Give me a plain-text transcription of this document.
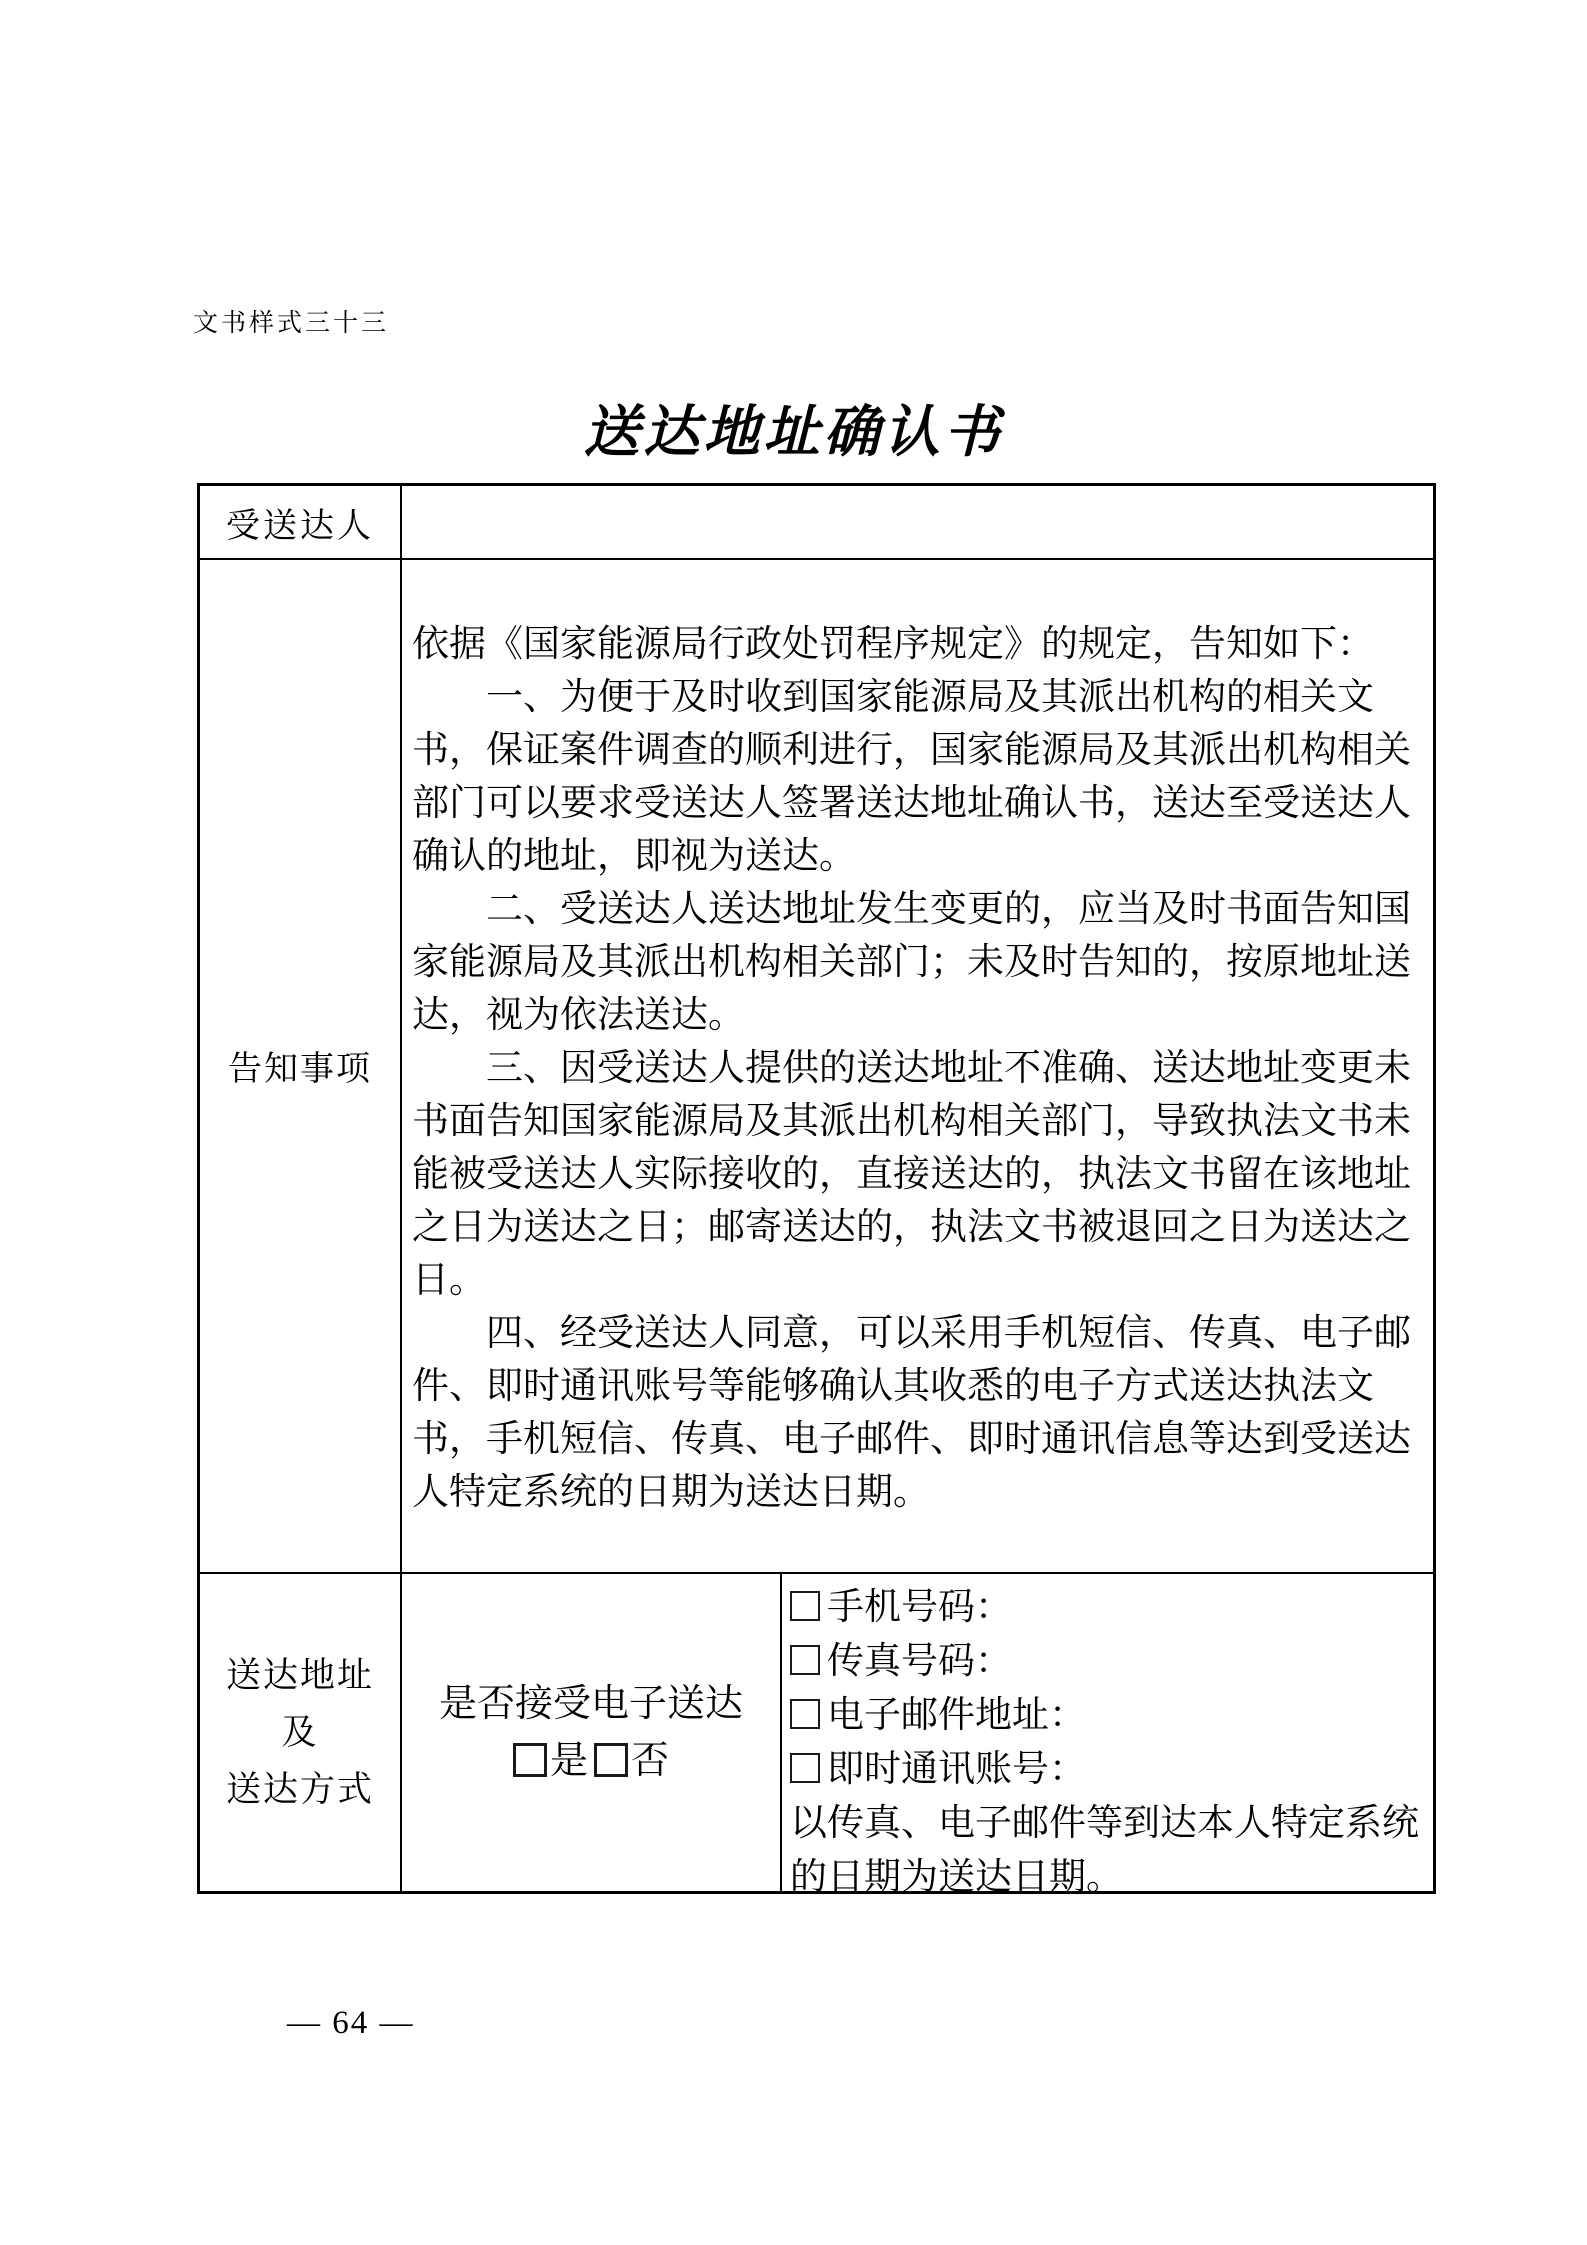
文书样式三十三
送达地址确认书
受送达人
告知事项
依据《国家能源局行政处罚程序规定》的规定，告知如下：
　　一、为便于及时收到国家能源局及其派出机构的相关文
书，保证案件调查的顺利进行，国家能源局及其派出机构相关
部门可以要求受送达人签署送达地址确认书，送达至受送达人
确认的地址，即视为送达。
　　二、受送达人送达地址发生变更的，应当及时书面告知国
家能源局及其派出机构相关部门；未及时告知的，按原地址送
达，视为依法送达。
　　三、因受送达人提供的送达地址不准确、送达地址变更未
书面告知国家能源局及其派出机构相关部门，导致执法文书未
能被受送达人实际接收的，直接送达的，执法文书留在该地址
之日为送达之日；邮寄送达的，执法文书被退回之日为送达之
日。
　　四、经受送达人同意，可以采用手机短信、传真、电子邮
件、即时通讯账号等能够确认其收悉的电子方式送达执法文
书，手机短信、传真、电子邮件、即时通讯信息等达到受送达
人特定系统的日期为送达日期。
送达地址
及
送达方式
是否接受电子送达
是 否
手机号码：
传真号码：
电子邮件地址：
即时通讯账号：
以传真、电子邮件等到达本人特定系统
的日期为送达日期。
— 64 —
